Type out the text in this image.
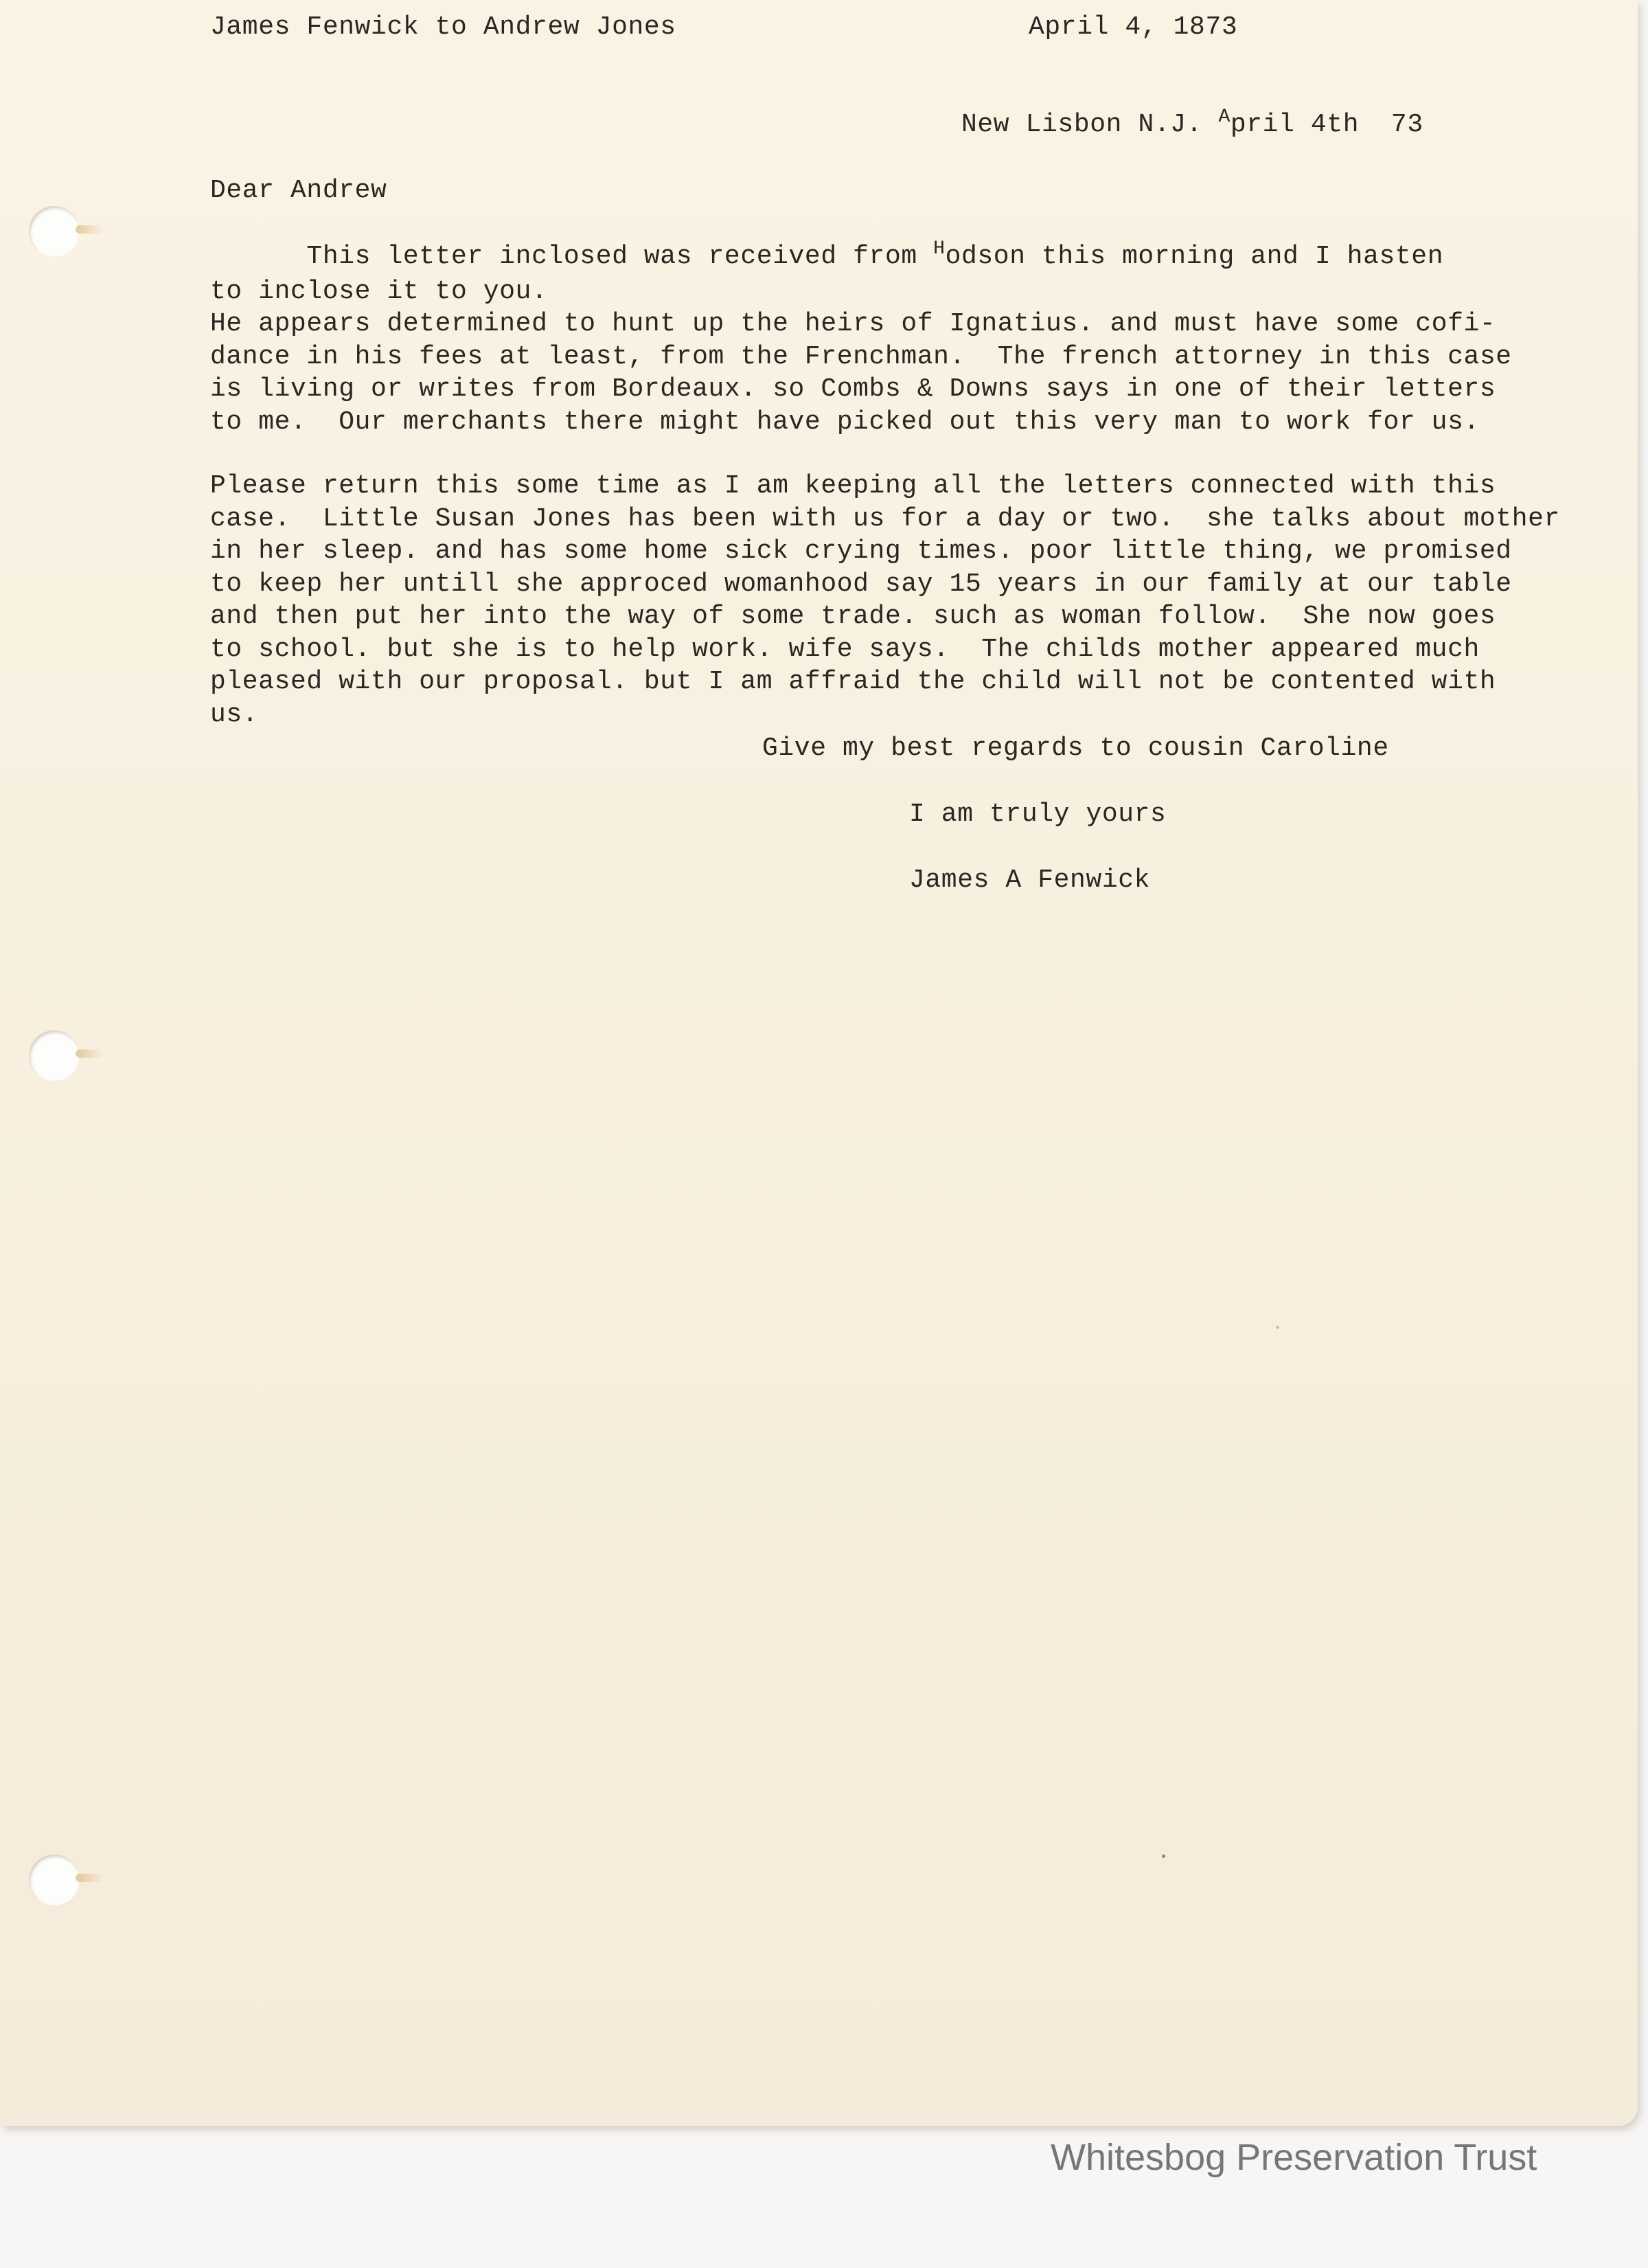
James Fenwick to Andrew Jones	April 4, 1873
New Lisbon N.J. $^A$pril 4th  73
Dear Andrew
This letter inclosed was received from $^H$odson this morning and I hasten
to inclose it to you.
He appears determined to hunt up the heirs of Ignatius. and must have some cofi-
dance in his fees at least, from the Frenchman.  The french attorney in this case
is living or writes from Bordeaux. so Combs & Downs says in one of their letters
to me.  Our merchants there might have picked out this very man to work for us.
Please return this some time as I am keeping all the letters connected with this
case.  Little Susan Jones has been with us for a day or two.  she talks about mother
in her sleep. and has some home sick crying times. poor little thing, we promised
to keep her untill she approced womanhood say 15 years in our family at our table
and then put her into the way of some trade. such as woman follow.  She now goes
to school. but she is to help work. wife says.  The childs mother appeared much
pleased with our proposal. but I am affraid the child will not be contented with
us.
Give my best regards to cousin Caroline
I am truly yours
James A Fenwick
Whitesbog Preservation Trust
